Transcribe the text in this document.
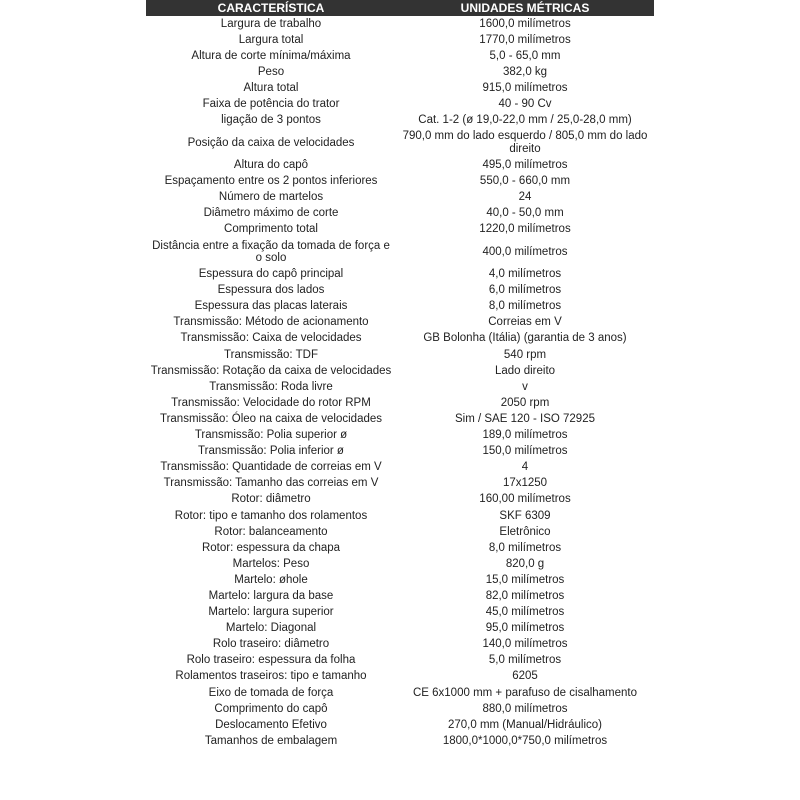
CARACTERÍSTICA	UNIDADES MÉTRICAS
Largura de trabalho	1600,0 milímetros
Largura total	1770,0 milímetros
Altura de corte mínima/máxima	5,0 - 65,0 mm
Peso	382,0 kg
Altura total	915,0 milímetros
Faixa de potência do trator	40 - 90 Cv
ligação de 3 pontos	Cat. 1-2 (ø 19,0-22,0 mm / 25,0-28,0 mm)
Posição da caixa de velocidades	790,0 mm do lado esquerdo / 805,0 mm do lado direito
Altura do capô	495,0 milímetros
Espaçamento entre os 2 pontos inferiores	550,0 - 660,0 mm
Número de martelos	24
Diâmetro máximo de corte	40,0 - 50,0 mm
Comprimento total	1220,0 milímetros
Distância entre a fixação da tomada de força e o solo	400,0 milímetros
Espessura do capô principal	4,0 milímetros
Espessura dos lados	6,0 milímetros
Espessura das placas laterais	8,0 milímetros
Transmissão: Método de acionamento	Correias em V
Transmissão: Caixa de velocidades	GB Bolonha (Itália) (garantia de 3 anos)
Transmissão: TDF	540 rpm
Transmissão: Rotação da caixa de velocidades	Lado direito
Transmissão: Roda livre	v
Transmissão: Velocidade do rotor RPM	2050 rpm
Transmissão: Óleo na caixa de velocidades	Sim / SAE 120 - ISO 72925
Transmissão: Polia superior ø	189,0 milímetros
Transmissão: Polia inferior ø	150,0 milímetros
Transmissão: Quantidade de correias em V	4
Transmissão: Tamanho das correias em V	17x1250
Rotor: diâmetro	160,00 milímetros
Rotor: tipo e tamanho dos rolamentos	SKF 6309
Rotor: balanceamento	Eletrônico
Rotor: espessura da chapa	8,0 milímetros
Martelos: Peso	820,0 g
Martelo: øhole	15,0 milímetros
Martelo: largura da base	82,0 milímetros
Martelo: largura superior	45,0 milímetros
Martelo: Diagonal	95,0 milímetros
Rolo traseiro: diâmetro	140,0 milímetros
Rolo traseiro: espessura da folha	5,0 milímetros
Rolamentos traseiros: tipo e tamanho	6205
Eixo de tomada de força	CE 6x1000 mm + parafuso de cisalhamento
Comprimento do capô	880,0 milímetros
Deslocamento Efetivo	270,0 mm (Manual/Hidráulico)
Tamanhos de embalagem	1800,0*1000,0*750,0 milímetros
